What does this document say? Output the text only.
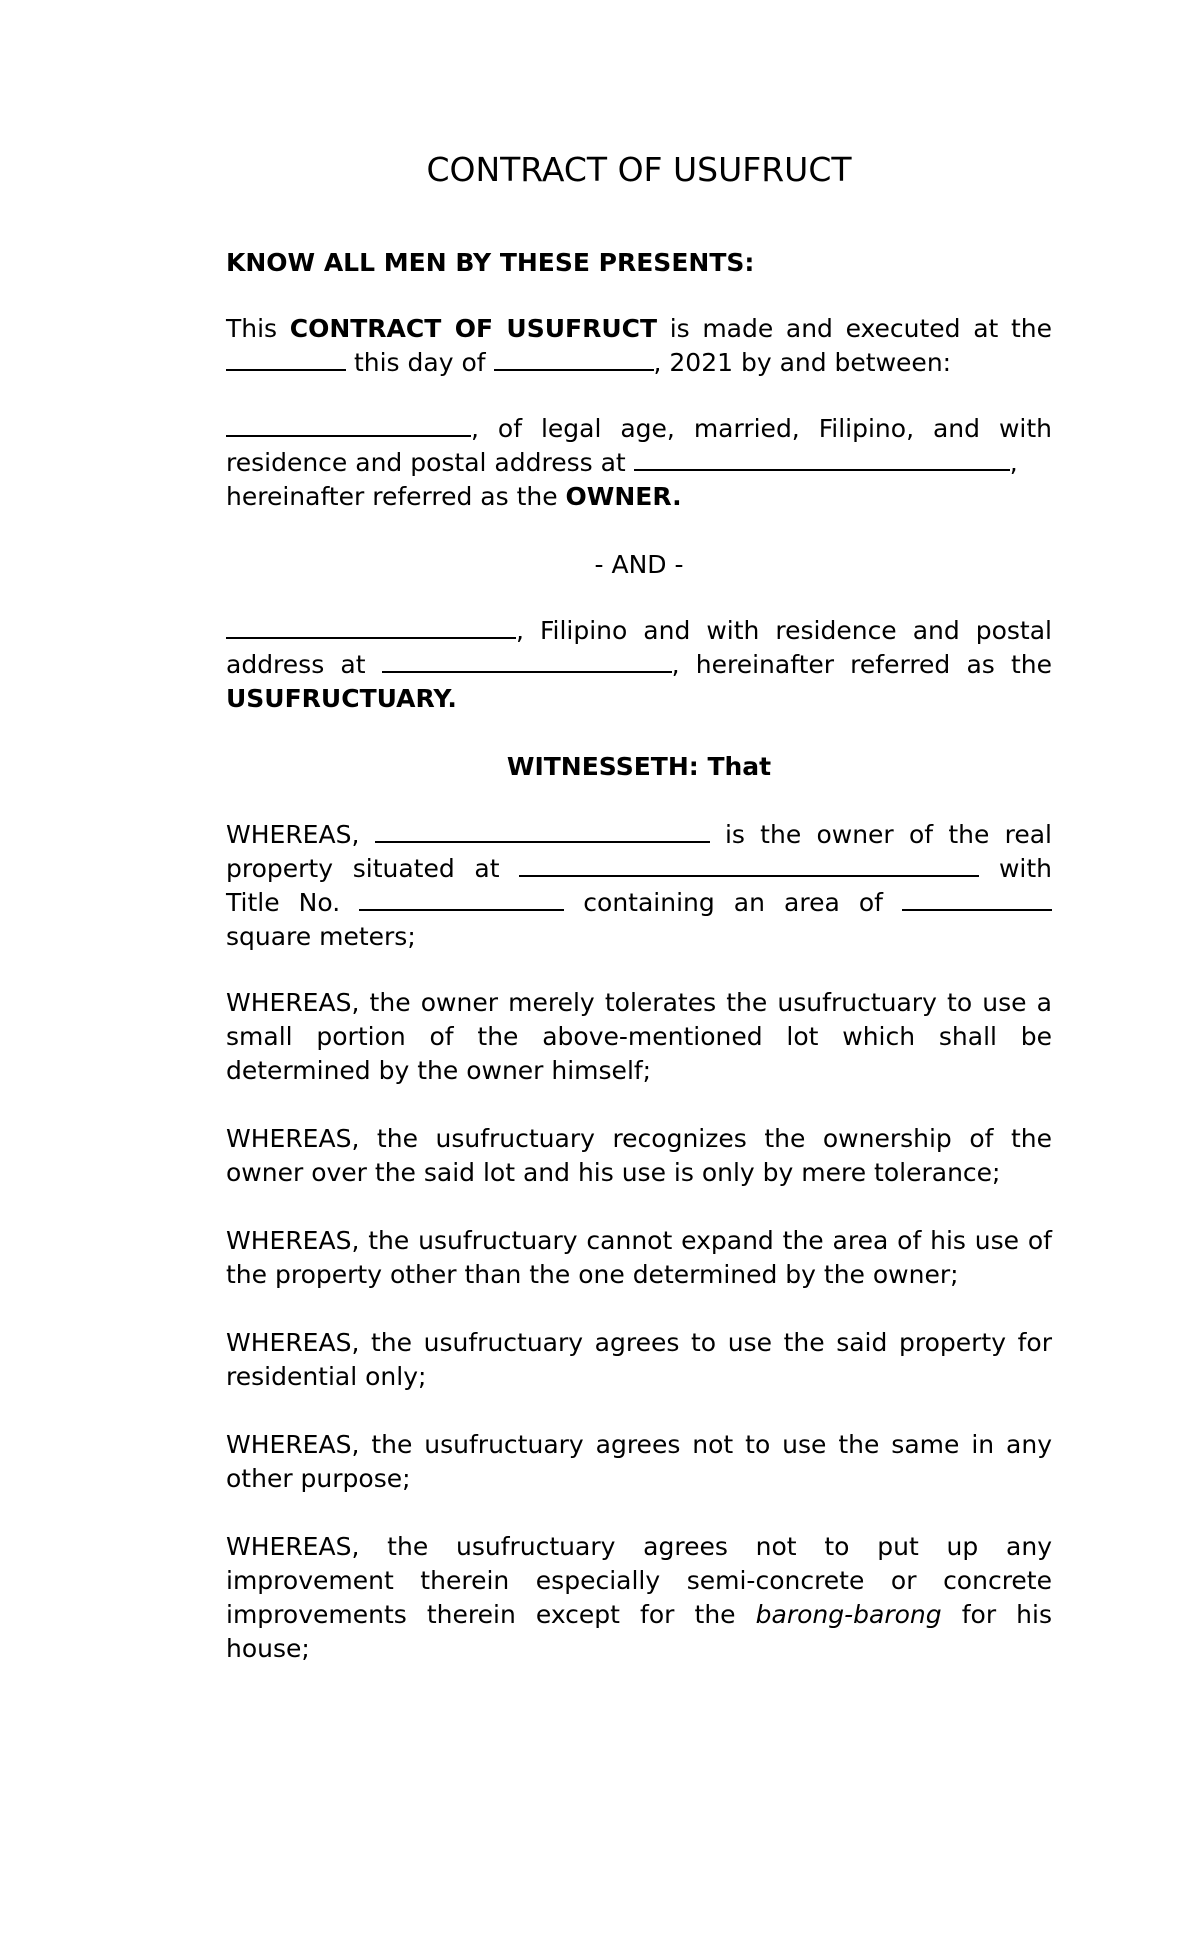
CONTRACT OF USUFRUCT
KNOW ALL MEN BY THESE PRESENTS:
This CONTRACT OF USUFRUCT is made and executed at the
this day of	, 2021 by and between:
, of legal age, married, Filipino, and with
residence and postal address at	,
hereinafter referred as the OWNER.
- AND -
, Filipino and with residence and postal
address at	, hereinafter referred as the
USUFRUCTUARY.
WITNESSETH: That
WHEREAS,	is the owner of the real
property situated at	with
Title No.	containing an area of
square meters;
WHEREAS, the owner merely tolerates the usufructuary to use a small portion of the above-mentioned lot which shall be determined by the owner himself;
WHEREAS, the usufructuary recognizes the ownership of the owner over the said lot and his use is only by mere tolerance;
WHEREAS, the usufructuary cannot expand the area of his use of the property other than the one determined by the owner;
WHEREAS, the usufructuary agrees to use the said property for residential only;
WHEREAS, the usufructuary agrees not to use the same in any other purpose;
WHEREAS, the usufructuary agrees not to put up any improvement therein especially semi-concrete or concrete improvements therein except for the barong-barong for his house;
